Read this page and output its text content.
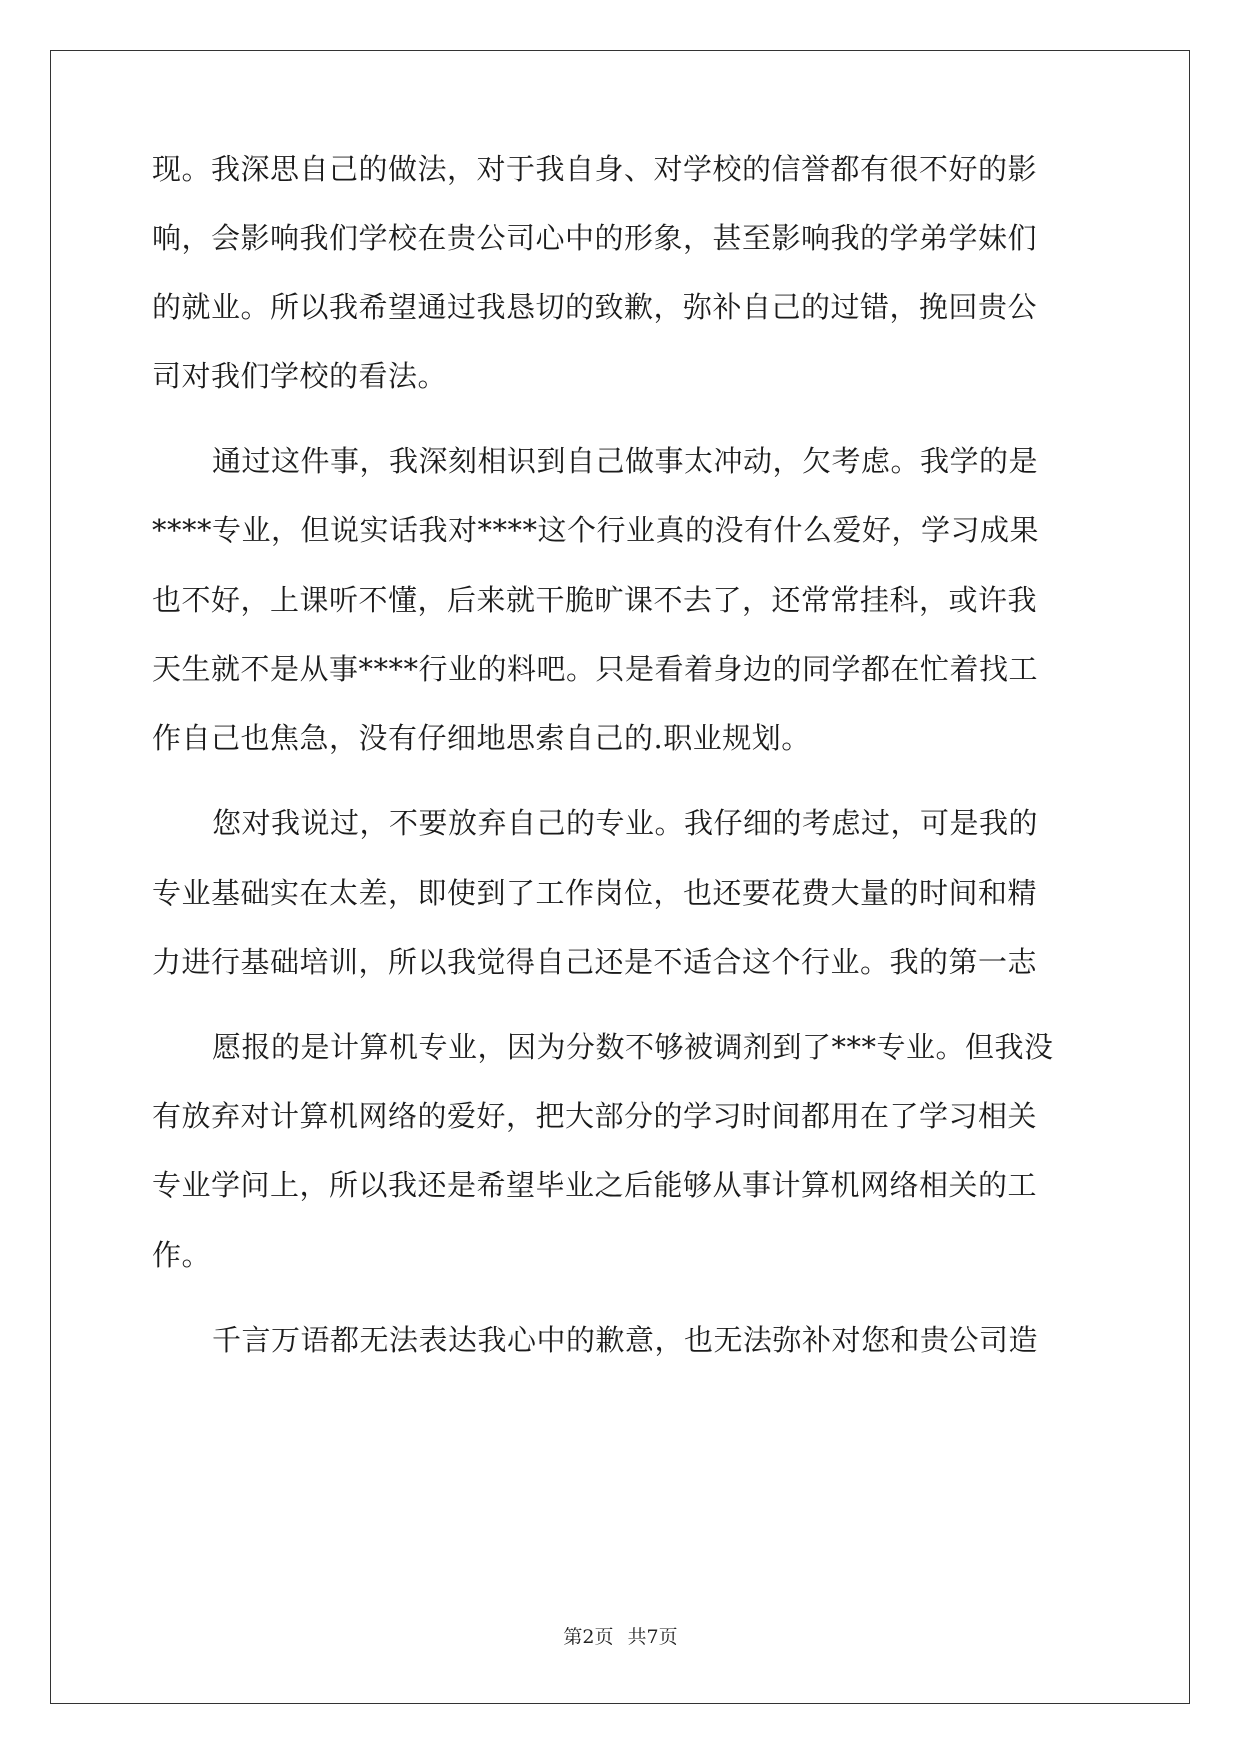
现。我深思自己的做法，对于我自身、对学校的信誉都有很不好的影
响，会影响我们学校在贵公司心中的形象，甚至影响我的学弟学妹们
的就业。所以我希望通过我恳切的致歉，弥补自己的过错，挽回贵公
司对我们学校的看法。
通过这件事，我深刻相识到自己做事太冲动，欠考虑。我学的是
****专业，但说实话我对****这个行业真的没有什么爱好，学习成果
也不好，上课听不懂，后来就干脆旷课不去了，还常常挂科，或许我
天生就不是从事****行业的料吧。只是看着身边的同学都在忙着找工
作自己也焦急，没有仔细地思索自己的.职业规划。
您对我说过，不要放弃自己的专业。我仔细的考虑过，可是我的
专业基础实在太差，即使到了工作岗位，也还要花费大量的时间和精
力进行基础培训，所以我觉得自己还是不适合这个行业。我的第一志
愿报的是计算机专业，因为分数不够被调剂到了***专业。但我没
有放弃对计算机网络的爱好，把大部分的学习时间都用在了学习相关
专业学问上，所以我还是希望毕业之后能够从事计算机网络相关的工
作。
千言万语都无法表达我心中的歉意，也无法弥补对您和贵公司造
第2页 共7页
